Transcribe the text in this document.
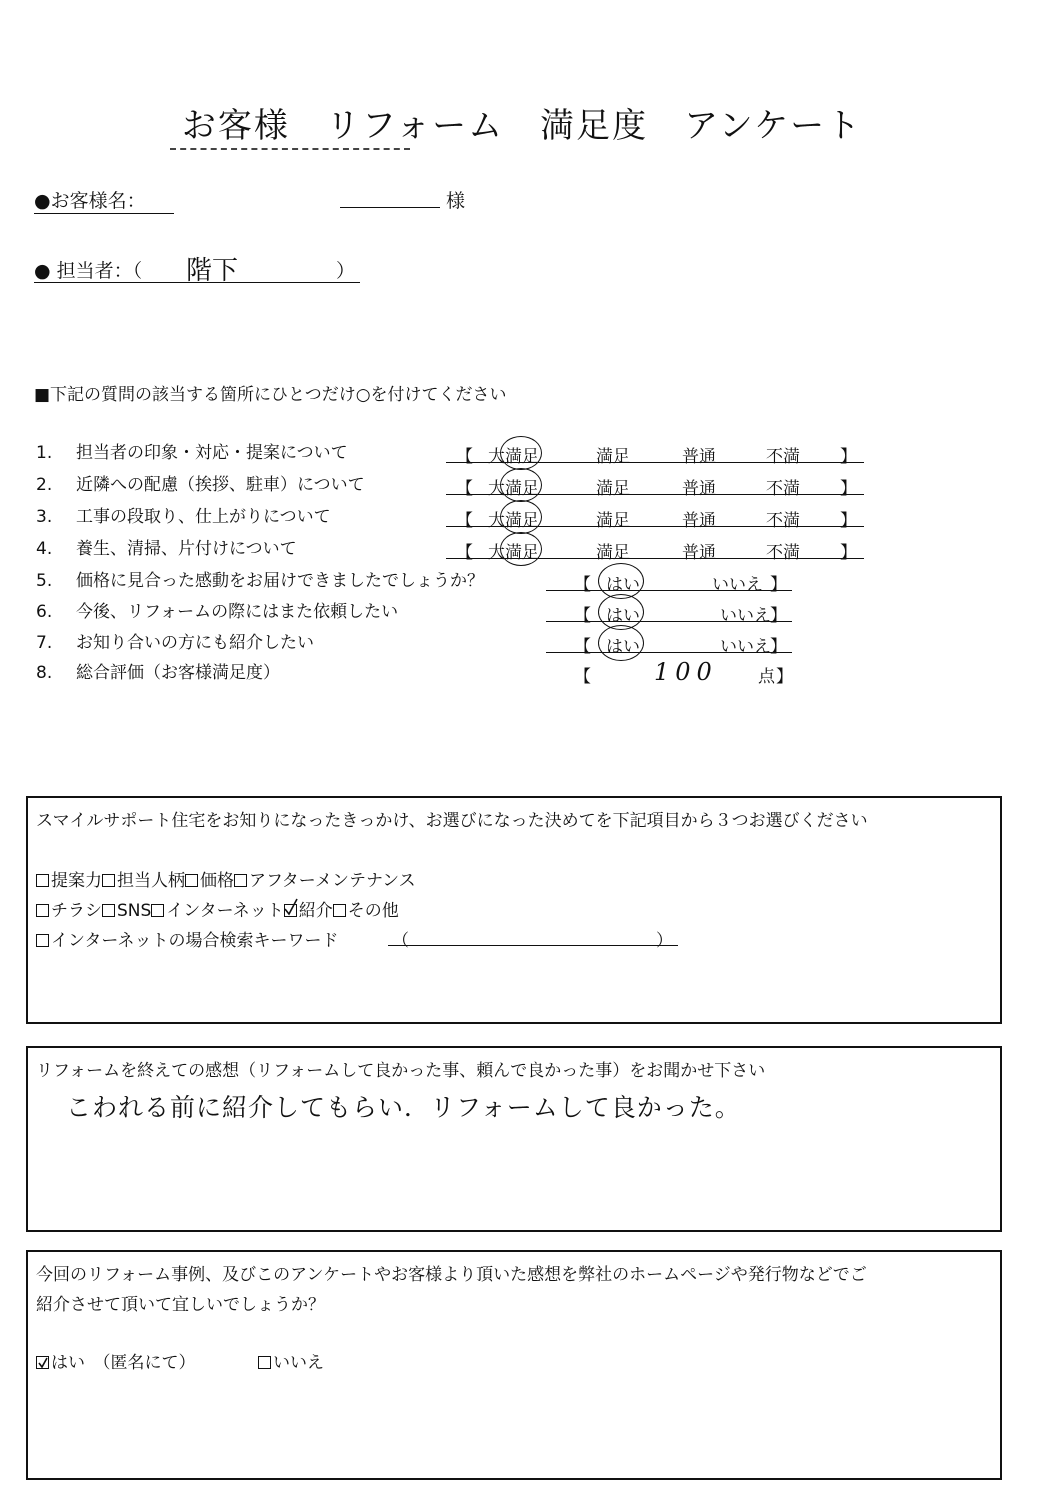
お客様　リフォーム　満足度　アンケート
●お客様名：	様
● 担当者：（ 階下	）
■下記の質問の該当する箇所にひとつだけ○を付けてください
1.	担当者の印象・対応・提案について	【 大満足	満足	普通	不満 】
2.	近隣への配慮（挨拶、駐車）について	【 大満足	満足	普通	不満 】
3.	工事の段取り、仕上がりについて	【 大満足	満足	普通	不満 】
4.	養生、清掃、片付けについて	【 大満足	満足	普通	不満 】
5.	価格に見合った感動をお届けできましたでしょうか？	【 はい	いいえ 】
6.	今後、リフォームの際にはまた依頼したい	【 はい	いいえ 】
7.	お知り合いの方にも紹介したい	【 はい	いいえ 】
8.	総合評価（お客様満足度）	【	100 点 】
スマイルサポート住宅をお知りになったきっかけ、お選びになった決めてを下記項目から３つお選びください
提案力 担当人柄 価格 アフターメンテナンス
チラシ SNS インターネット 紹介 その他
インターネットの場合検索キーワード	（	）
リフォームを終えての感想（リフォームして良かった事、頼んで良かった事）をお聞かせ下さい
こわれる前に紹介してもらい．リフォームして良かった。
今回のリフォーム事例、及びこのアンケートやお客様より頂いた感想を弊社のホームページや発行物などでご
紹介させて頂いて宜しいでしょうか？
はい　（匿名にて）	いいえ
